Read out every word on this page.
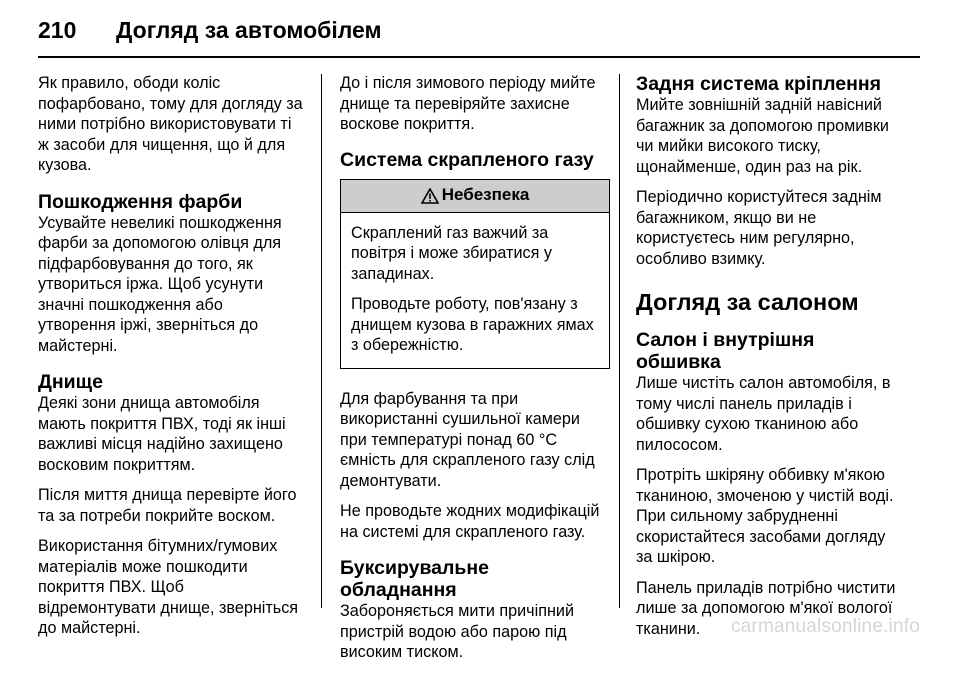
210	Догляд за автомобілем

Як правило, ободи коліс пофарбовано, тому для догляду за ними потрібно використовувати ті ж засоби для чищення, що й для кузова.

Пошкодження фарби

Усувайте невеликі пошкодження фарби за допомогою олівця для підфарбовування до того, як утвориться іржа. Щоб усунути значні пошкодження або утворення іржі, зверніться до майстерні.

Днище

Деякі зони днища автомобіля мають покриття ПВХ, тоді як інші важливі місця надійно захищено восковим покриттям.

Після миття днища перевірте його та за потреби покрийте воском.

Використання бітумних/гумових матеріалів може пошкодити покриття ПВХ. Щоб відремонтувати днище, зверніться до майстерні.

До і після зимового періоду мийте днище та перевіряйте захисне воскове покриття.

Система скрапленого газу
Небезпека

Скраплений газ важчий за повітря і може збиратися у западинах.

Проводьте роботу, пов'язану з днищем кузова в гаражних ямах з обережністю.

Для фарбування та при використанні сушильної камери при температурі понад 60 °C ємність для скрапленого газу слід демонтувати.

Не проводьте жодних модифікацій на системі для скрапленого газу.

Буксирувальне обладнання

Забороняється мити причіпний пристрій водою або парою під високим тиском.

Задня система кріплення

Мийте зовнішній задній навісний багажник за допомогою промивки чи мийки високого тиску, щонайменше, один раз на рік.

Періодично користуйтеся заднім багажником, якщо ви не користуєтесь ним регулярно, особливо взимку.

Догляд за салоном
Салон і внутрішня обшивка

Лише чистіть салон автомобіля, в тому числі панель приладів і обшивку сухою тканиною або пилососом.

Протріть шкіряну оббивку м'якою тканиною, змоченою у чистій воді. При сильному забрудненні скористайтеся засобами догляду за шкірою.

Панель приладів потрібно чистити лише за допомогою м'якої вологої тканини.	carmanualsonline.info
